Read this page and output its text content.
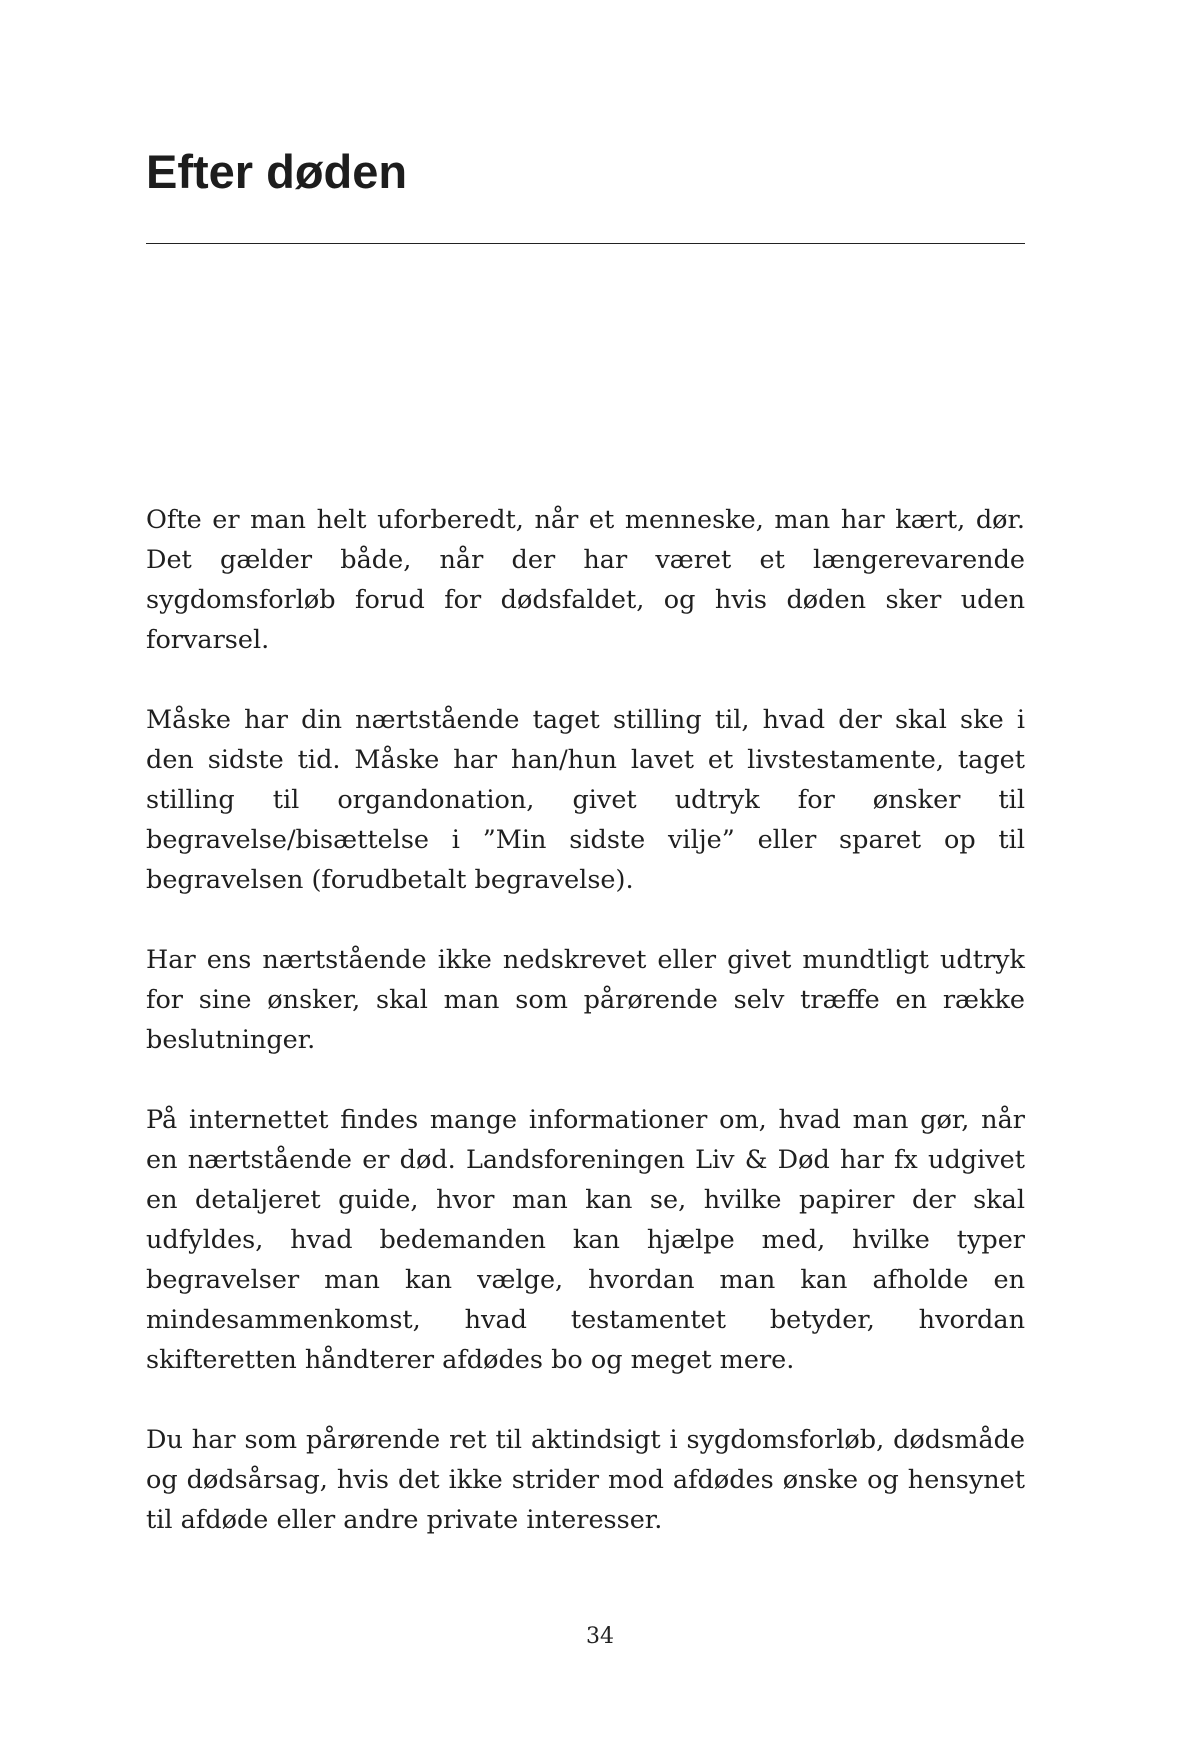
Efter døden

Ofte er man helt uforberedt, når et menneske, man har kært, dør. Det gælder både, når der har været et længerevarende sygdomsforløb forud for dødsfaldet, og hvis døden sker uden forvarsel.

Måske har din nærtstående taget stilling til, hvad der skal ske i den sidste tid. Måske har han/hun lavet et livstestamente, taget stilling til organdonation, givet udtryk for ønsker til begravelse/bisættelse i ”Min sidste vilje” eller sparet op til begravelsen (forudbetalt begravelse).

Har ens nærtstående ikke nedskrevet eller givet mundtligt udtryk for sine ønsker, skal man som pårørende selv træffe en række beslutninger.

På internettet findes mange informationer om, hvad man gør, når en nærtstående er død. Landsforeningen Liv & Død har fx udgivet en detaljeret guide, hvor man kan se, hvilke papirer der skal udfyldes, hvad bedemanden kan hjælpe med, hvilke typer begravelser man kan vælge, hvordan man kan afholde en mindesammenkomst, hvad testamentet betyder, hvordan skifteretten håndterer afdødes bo og meget mere.

Du har som pårørende ret til aktindsigt i sygdomsforløb, dødsmåde og dødsårsag, hvis det ikke strider mod afdødes ønske og hensynet til afdøde eller andre private interesser.

34
